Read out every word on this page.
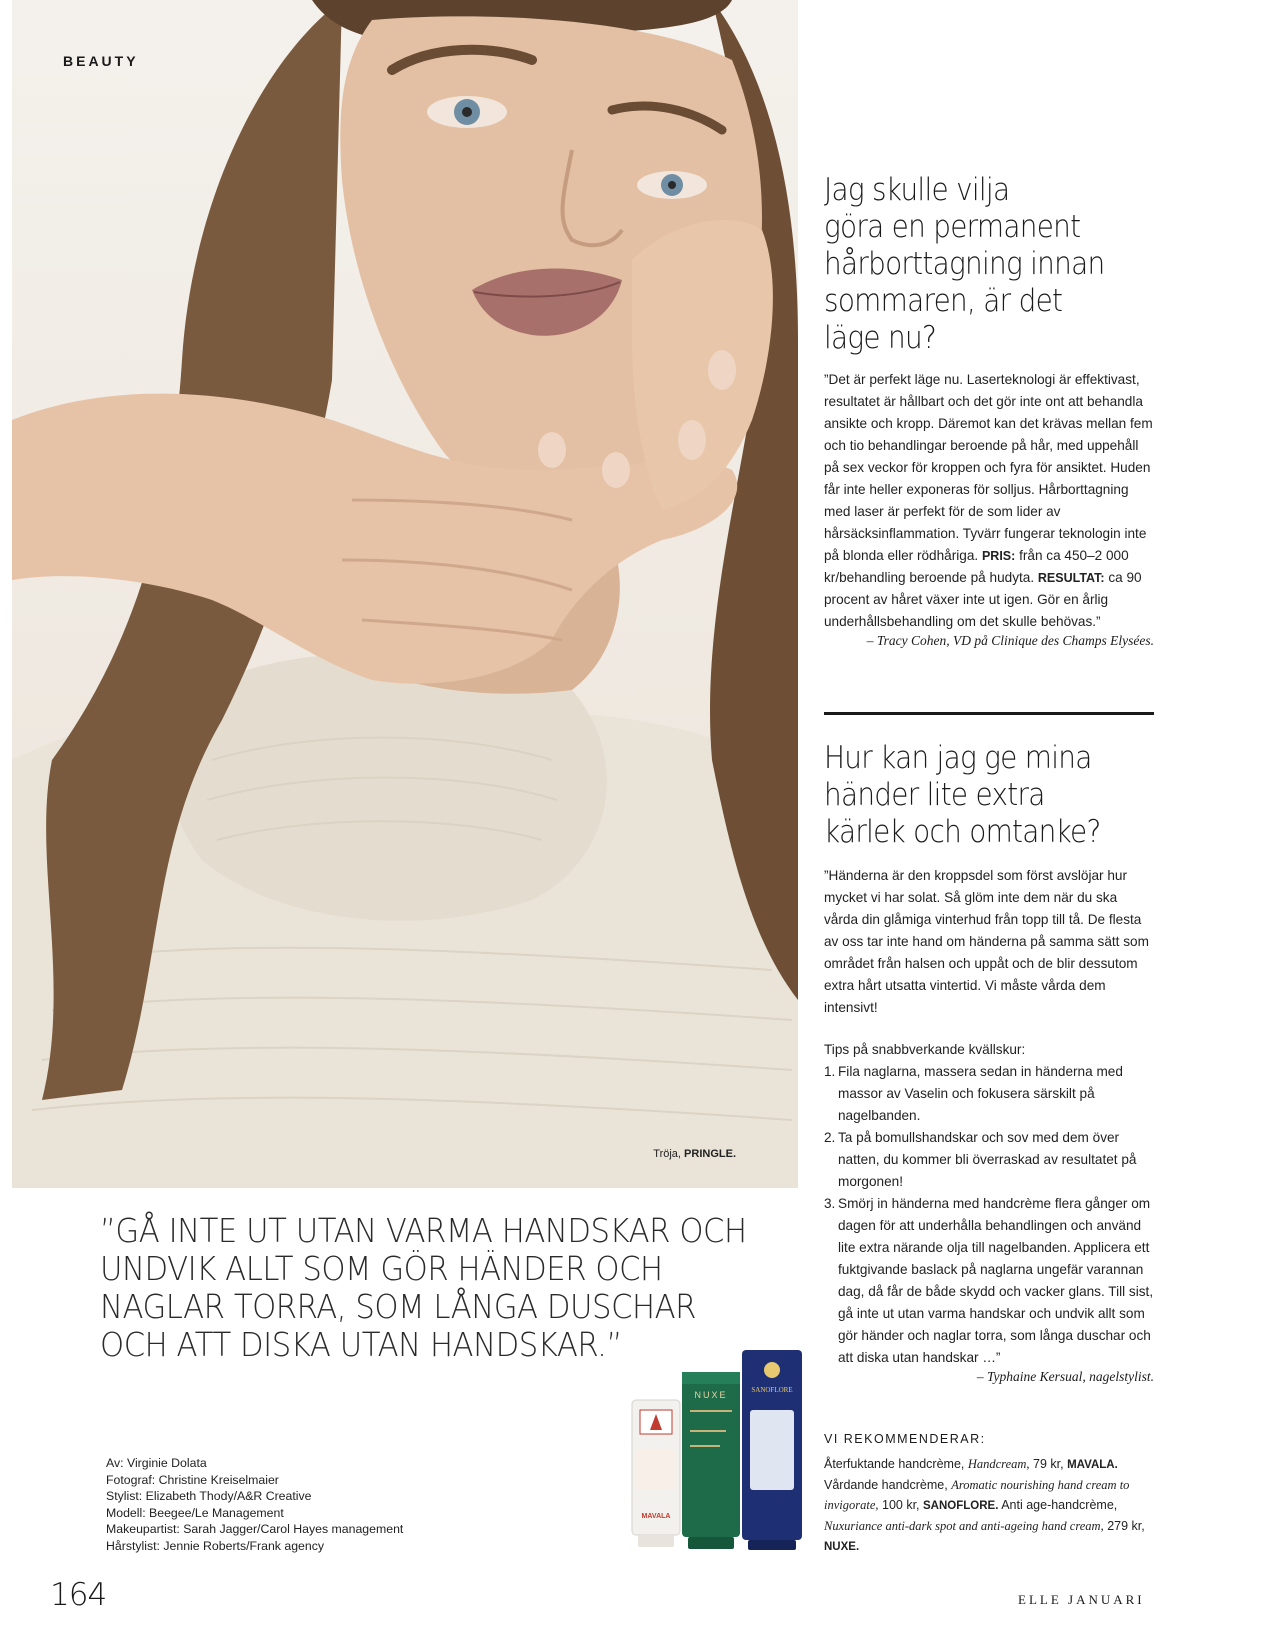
BEAUTY
Tröja, PRINGLE.
Jag skulle vilja
göra en permanent
hårborttagning innan
sommaren, är det
läge nu?

”Det är perfekt läge nu. Laserteknologi är effektivast, resultatet är hållbart och det gör inte ont att behandla ansikte och kropp. Däremot kan det krävas mellan fem och tio behandlingar beroende på hår, med uppehåll på sex veckor för kroppen och fyra för ansiktet. Huden får inte heller exponeras för solljus. Hårborttagning med laser är perfekt för de som lider av hårsäcksinflammation. Tyvärr fungerar teknologin inte på blonda eller rödhåriga. PRIS: från ca 450–2 000 kr/behandling beroende på hudyta. RESULTAT: ca 90 procent av håret växer inte ut igen. Gör en årlig underhållsbehandling om det skulle behövas.”

– Tracy Cohen, VD på Clinique des Champs Elysées.

Hur kan jag ge mina
händer lite extra
kärlek och omtanke?

”Händerna är den kroppsdel som först avslöjar hur mycket vi har solat. Så glöm inte dem när du ska vårda din glåmiga vinterhud från topp till tå. De flesta av oss tar inte hand om händerna på samma sätt som området från halsen och uppåt och de blir dessutom extra hårt utsatta vintertid. Vi måste vårda dem intensivt!

Tips på snabbverkande kvällskur:

1. Fila naglarna, massera sedan in händerna med massor av Vaselin och fokusera särskilt på nagelbanden.
2. Ta på bomullshandskar och sov med dem över natten, du kommer bli överraskad av resultatet på morgonen!
3. Smörj in händerna med handcrème flera gånger om dagen för att underhålla behandlingen och använd lite extra närande olja till nagelbanden. Applicera ett fuktgivande baslack på naglarna ungefär varannan dag, då får de både skydd och vacker glans. Till sist, gå inte ut utan varma handskar och undvik allt som gör händer och naglar torra, som långa duschar och att diska utan handskar …”

– Typhaine Kersual, nagelstylist.

VI REKOMMENDERAR:

Återfuktande handcrème, Handcream, 79 kr, MAVALA. Vårdande handcrème, Aromatic nourishing hand cream to invigorate, 100 kr, SANOFLORE. Anti age-handcrème, Nuxuriance anti-dark spot and anti-ageing hand cream, 279 kr, NUXE.

”GÅ INTE UT UTAN VARMA HANDSKAR OCH
UNDVIK ALLT SOM GÖR HÄNDER OCH
NAGLAR TORRA, SOM LÅNGA DUSCHAR
OCH ATT DISKA UTAN HANDSKAR.”

Av: Virginie Dolata
Fotograf: Christine Kreiselmaier
Stylist: Elizabeth Thody/A&R Creative
Modell: Beegee/Le Management
Makeupartist: Sarah Jagger/Carol Hayes management
Hårstylist: Jennie Roberts/Frank agency
MAVALA
NUXE	SANOFLORE
164	ELLE JANUARI
